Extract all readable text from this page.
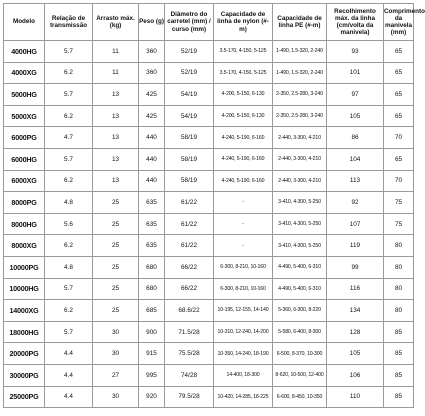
Modelo	Relação de transmissão	Arrasto máx. (kg)	Peso (g)	Diâmetro do carretel (mm) / curso (mm)	Capacidade de linha de nylon (#-m)	Capacidade de linha PE (#-m)	Recolhimento máx. da linha (cm/volta da manivela)	Comprimento da manivela (mm)
4000HG	5.7	11	360	52/19	3.5-170, 4-150, 5-125	1-490, 1.5-320, 2-240	93	65
4000XG	6.2	11	360	52/19	3.5-170, 4-150, 5-125	1-490, 1.5-320, 2-240	101	65
5000HG	5.7	13	425	54/19	4-200, 5-150, 6-130	2-350, 2.5-280, 3-240	97	65
5000XG	6.2	13	425	54/19	4-200, 5-150, 6-130	2-350, 2.5-280, 3-240	105	65
6000PG	4.7	13	440	58/19	4-240, 5-190, 6-160	2-440, 3-300, 4-210	86	70
6000HG	5.7	13	440	58/19	4-240, 5-190, 6-160	2-440, 3-300, 4-210	104	65
6000XG	6.2	13	440	58/19	4-240, 5-190, 6-160	2-440, 3-300, 4-210	113	70
8000PG	4.8	25	635	61/22	-	3-410, 4-300, 5-250	92	75
8000HG	5.6	25	635	61/22	-	3-410, 4-300, 5-250	107	75
8000XG	6.2	25	635	61/22	-	3-410, 4-300, 5-250	119	80
10000PG	4.8	25	680	66/22	6-300, 8-210, 10-160	4-490, 5-400, 6-310	99	80
10000HG	5.7	25	680	66/22	6-300, 8-210, 10-160	4-490, 5-400, 6-310	116	80
14000XG	6.2	25	685	68.6/22	10-195, 12-155, 14-140	5-360, 6-300, 8-220	134	80
18000HG	5.7	30	900	71.5/28	10-310, 12-240, 14-200	5-580, 6-400, 8-300	128	85
20000PG	4.4	30	915	75.5/28	10-350, 14-240, 18-190	6-500, 8-370, 10-300	105	85
30000PG	4.4	27	995	74/28	14-400, 18-300	8-620, 10-500, 12-400	106	85
25000PG	4.4	30	920	79.5/28	10-420, 14-285, 18-225	6-600, 8-450, 10-350	110	85
